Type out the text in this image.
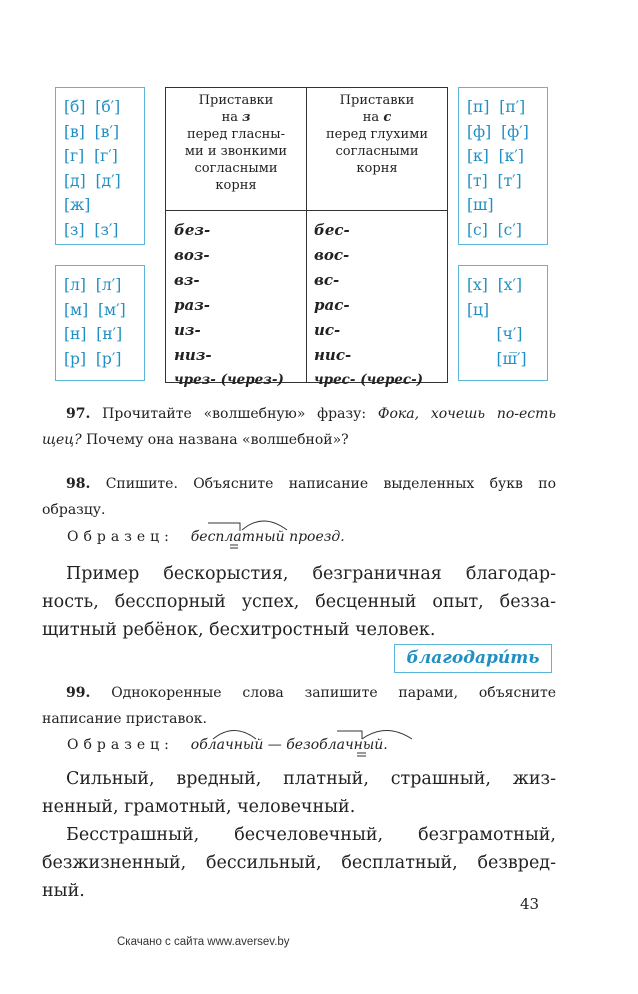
[б]  [б′]
[в]  [в′]
[г]  [г′]
[д]  [д′]
[ж]
[з]  [з′]
[л]  [л′]
[м]  [м′]
[н]  [н′]
[р]  [р′]
[п]  [п′]
[ф]  [ф′]
[к]  [к′]
[т]  [т′]
[ш]
[с]  [с′]
[х]  [х′]
[ц]
[ч′]
[ш̅′]
Приставки
на з
перед гласны-
ми и звонкими
согласными
корня
Приставки
на с
перед глухими
согласными
корня
без-
воз-
вз-
раз-
из-
низ-
чрез- (через-)
бес-
вос-
вс-
рас-
ис-
нис-
чрес- (черес-)
97. Прочитайте «волшебную» фразу: Фока, хочешь по-есть щец? Почему она названа «волшебной»?
98. Спишите. Объясните написание выделенных букв по образцу.
Образец: бесплатный проезд.
Пример бескорыстия, безграничная благодар-ность, бесспорный успех, бесценный опыт, безза-щитный ребёнок, бесхитростный человек.
благодари́ть
99. Однокоренные слова запишите парами, объясните написание приставок.
Образец: облачный — безоблачный.
Сильный, вредный, платный, страшный, жиз-ненный, грамотный, человечный.
Бесстрашный, бесчеловечный, безграмотный, безжизненный, бессильный, бесплатный, безвред-ный.
43
Скачано с сайта www.aversev.by
